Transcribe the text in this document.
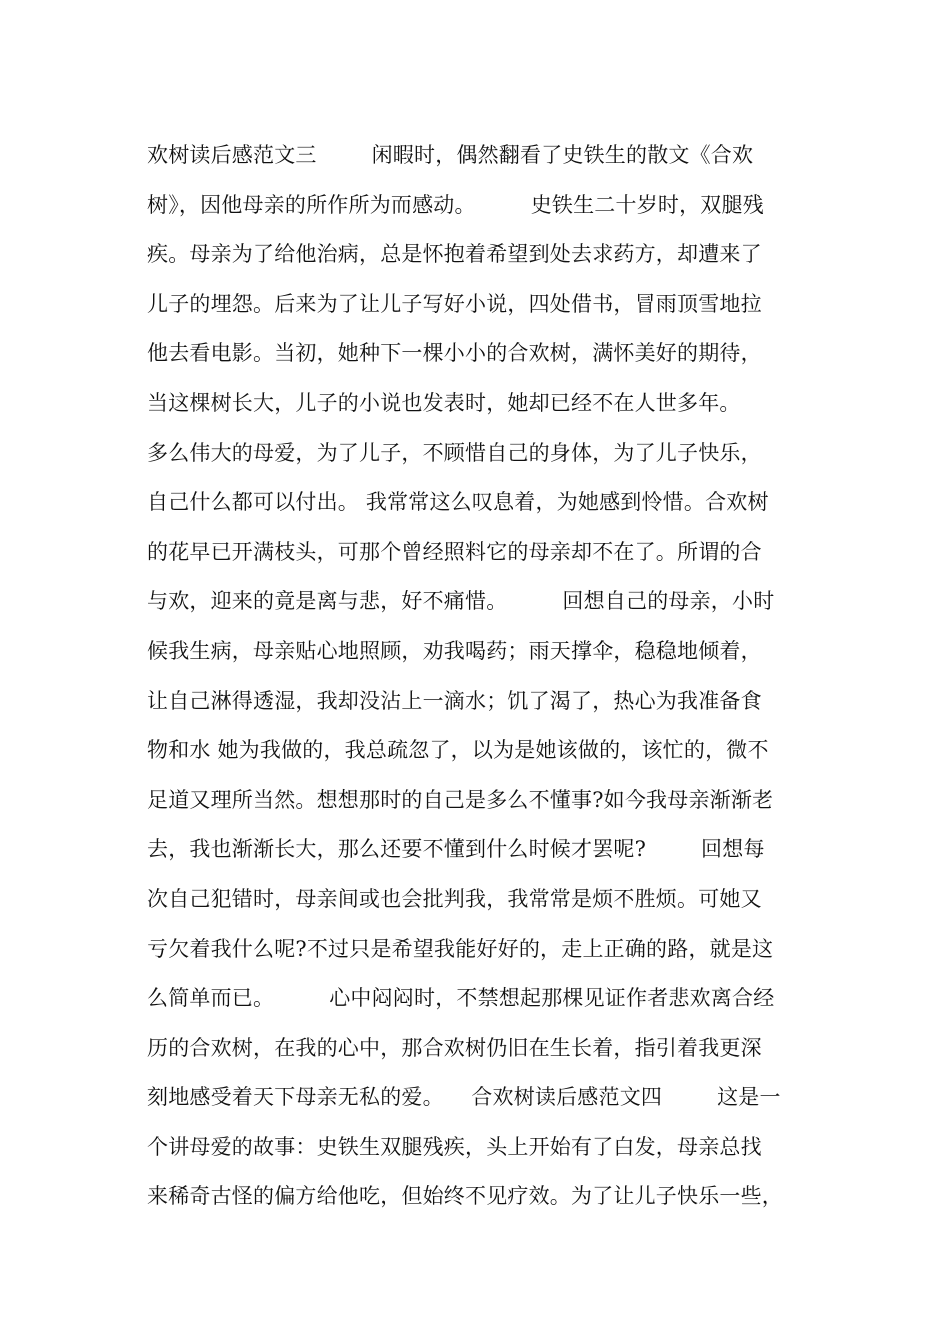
欢树读后感范文三        闲暇时，偶然翻看了史铁生的散文《合欢
树》，因他母亲的所作所为而感动。        史铁生二十岁时，双腿残
疾。母亲为了给他治病，总是怀抱着希望到处去求药方，却遭来了
儿子的埋怨。后来为了让儿子写好小说，四处借书，冒雨顶雪地拉
他去看电影。当初，她种下一棵小小的合欢树，满怀美好的期待，
当这棵树长大，儿子的小说也发表时，她却已经不在人世多年。
多么伟大的母爱，为了儿子，不顾惜自己的身体，为了儿子快乐，
自己什么都可以付出。 我常常这么叹息着，为她感到怜惜。合欢树
的花早已开满枝头，可那个曾经照料它的母亲却不在了。所谓的合
与欢，迎来的竟是离与悲，好不痛惜。        回想自己的母亲，小时
候我生病，母亲贴心地照顾，劝我喝药；雨天撑伞，稳稳地倾着，
让自己淋得透湿，我却没沾上一滴水；饥了渴了，热心为我准备食
物和水 她为我做的，我总疏忽了，以为是她该做的，该忙的，微不
足道又理所当然。想想那时的自己是多么不懂事?如今我母亲渐渐老
去，我也渐渐长大，那么还要不懂到什么时候才罢呢?        回想每
次自己犯错时，母亲间或也会批判我，我常常是烦不胜烦。可她又
亏欠着我什么呢?不过只是希望我能好好的，走上正确的路，就是这
么简单而已。        心中闷闷时，不禁想起那棵见证作者悲欢离合经
历的合欢树，在我的心中，那合欢树仍旧在生长着，指引着我更深
刻地感受着天下母亲无私的爱。    合欢树读后感范文四        这是一
个讲母爱的故事：史铁生双腿残疾，头上开始有了白发，母亲总找
来稀奇古怪的偏方给他吃，但始终不见疗效。为了让儿子快乐一些，
